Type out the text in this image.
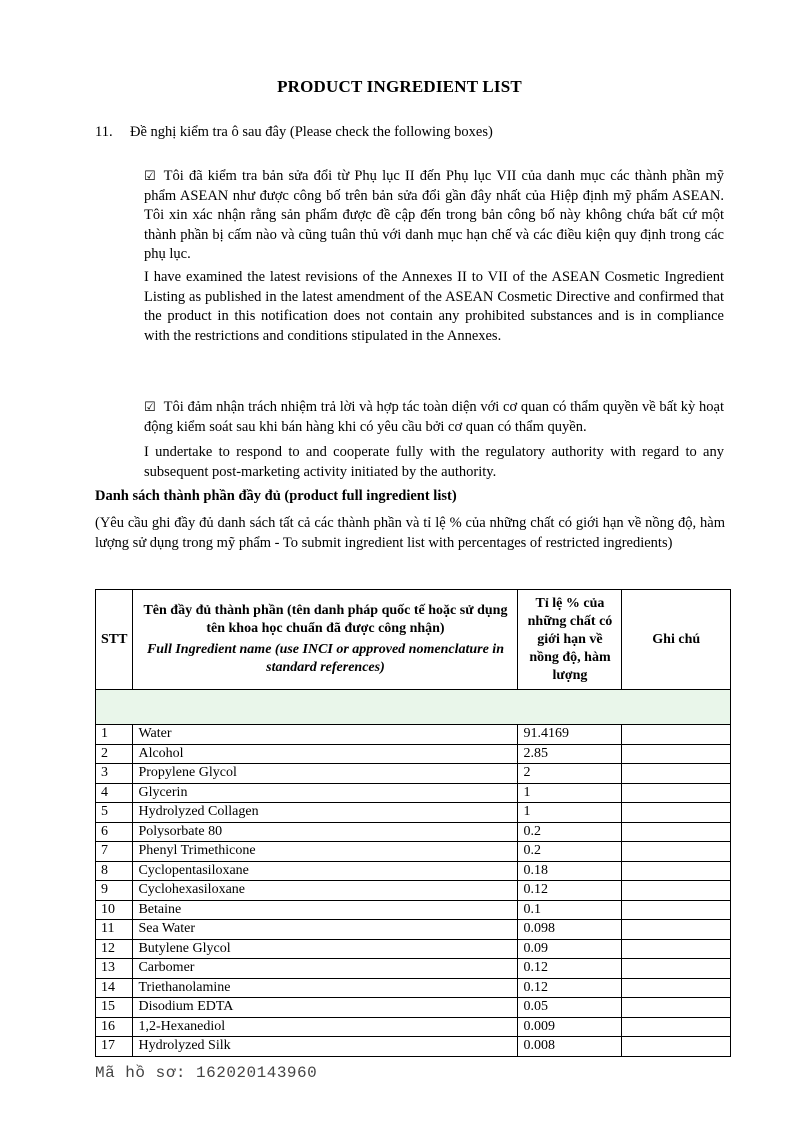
PRODUCT INGREDIENT LIST
11. Đề nghị kiểm tra ô sau đây (Please check the following boxes)
☑ Tôi đã kiểm tra bản sửa đổi từ Phụ lục II đến Phụ lục VII của danh mục các thành phần mỹ phẩm ASEAN như được công bố trên bản sửa đổi gần đây nhất của Hiệp định mỹ phẩm ASEAN. Tôi xin xác nhận rằng sản phẩm được đề cập đến trong bản công bố này không chứa bất cứ một thành phần bị cấm nào và cũng tuân thủ với danh mục hạn chế và các điều kiện quy định trong các phụ lục.
I have examined the latest revisions of the Annexes II to VII of the ASEAN Cosmetic Ingredient Listing as published in the latest amendment of the ASEAN Cosmetic Directive and confirmed that the product in this notification does not contain any prohibited substances and is in compliance with the restrictions and conditions stipulated in the Annexes.
☑ Tôi đảm nhận trách nhiệm trả lời và hợp tác toàn diện với cơ quan có thẩm quyền về bất kỳ hoạt động kiểm soát sau khi bán hàng khi có yêu cầu bởi cơ quan có thẩm quyền.
I undertake to respond to and cooperate fully with the regulatory authority with regard to any subsequent post-marketing activity initiated by the authority.
Danh sách thành phần đầy đủ (product full ingredient list)
(Yêu cầu ghi đầy đủ danh sách tất cả các thành phần và tỉ lệ % của những chất có giới hạn về nồng độ, hàm lượng sử dụng trong mỹ phẩm - To submit ingredient list with percentages of restricted ingredients)
STT	Tên đầy đủ thành phần (tên danh pháp quốc tế hoặc sử dụng tên khoa học chuẩn đã được công nhận)
Full Ingredient name (use INCI or approved nomenclature in standard references)	Tỉ lệ % của những chất có giới hạn về nồng độ, hàm lượng	Ghi chú

1	Water	91.4169	
2	Alcohol	2.85	
3	Propylene Glycol	2	
4	Glycerin	1	
5	Hydrolyzed Collagen	1	
6	Polysorbate 80	0.2	
7	Phenyl Trimethicone	0.2	
8	Cyclopentasiloxane	0.18	
9	Cyclohexasiloxane	0.12	
10	Betaine	0.1	
11	Sea Water	0.098	
12	Butylene Glycol	0.09	
13	Carbomer	0.12	
14	Triethanolamine	0.12	
15	Disodium EDTA	0.05	
16	1,2-Hexanediol	0.009	
17	Hydrolyzed Silk	0.008	
Mã hồ sơ: 162020143960
